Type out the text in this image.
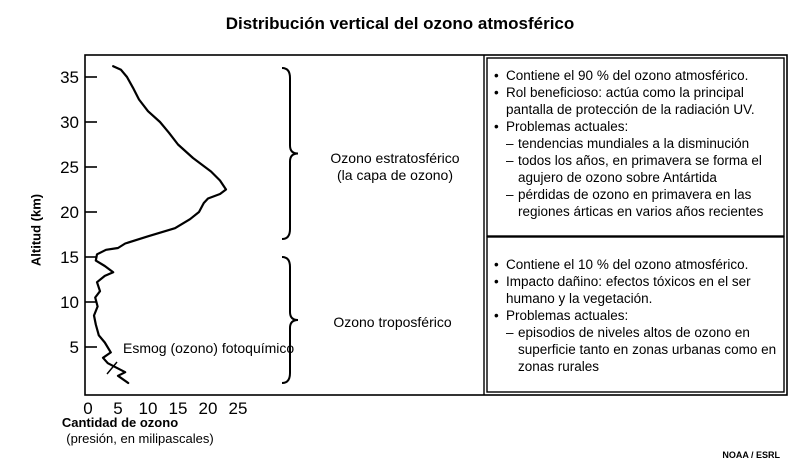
Distribución vertical del ozono atmosférico
5
10
15
20
25
30
35
0 5 10 15 20 25
Altitud (km)
Cantidad de ozono
(presión, en milipascales)
Ozono estratosférico
(la capa de ozono)
Ozono troposférico
Esmog (ozono) fotoquímico
• Contiene el 90 % del ozono atmosférico.
• Rol beneficioso: actúa como la principal pantalla de protección de la radiación UV.
• Problemas actuales:
– tendencias mundiales a la disminución
– todos los años, en primavera se forma el agujero de ozono sobre Antártida
– pérdidas de ozono en primavera en las regiones árticas en varios años recientes
• Contiene el 10 % del ozono atmosférico.
• Impacto dañino: efectos tóxicos en el ser humano y la vegetación.
• Problemas actuales:
– episodios de niveles altos de ozono en superficie tanto en zonas urbanas como en zonas rurales
NOAA / ESRL
